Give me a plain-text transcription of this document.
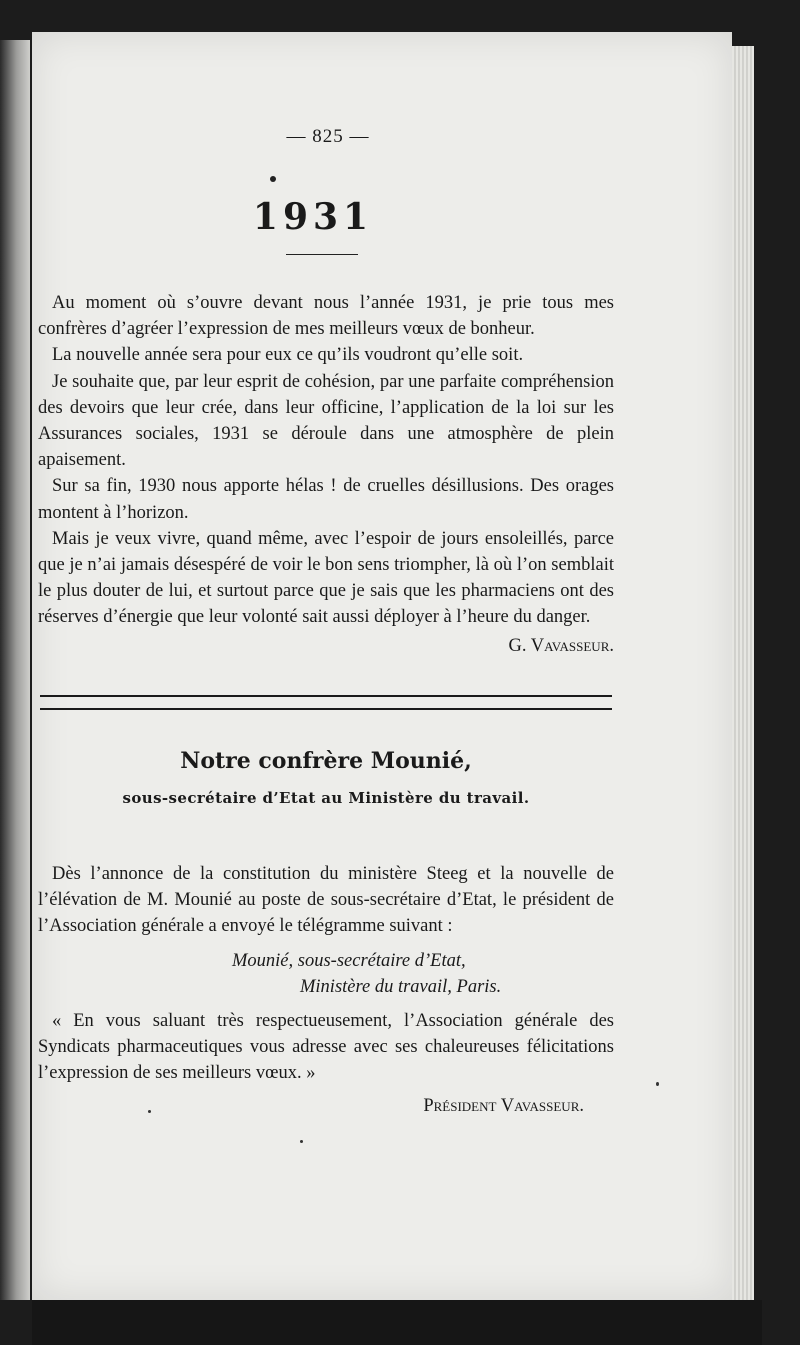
— 825 —
1931

Au moment où s’ouvre devant nous l’année 1931, je prie tous mes confrères d’agréer l’expression de mes meilleurs vœux de bonheur.

La nouvelle année sera pour eux ce qu’ils voudront qu’elle soit.

Je souhaite que, par leur esprit de cohésion, par une parfaite compréhension des devoirs que leur crée, dans leur officine, l’application de la loi sur les Assurances sociales, 1931 se déroule dans une atmosphère de plein apaisement.

Sur sa fin, 1930 nous apporte hélas ! de cruelles désillusions. Des orages montent à l’horizon.

Mais je veux vivre, quand même, avec l’espoir de jours ensoleillés, parce que je n’ai jamais désespéré de voir le bon sens triompher, là où l’on semblait le plus douter de lui, et surtout parce que je sais que les pharmaciens ont des réserves d’énergie que leur volonté sait aussi déployer à l’heure du danger.

G. Vavasseur.

Notre confrère Mounié,
sous-secrétaire d’Etat au Ministère du travail.

Dès l’annonce de la constitution du ministère Steeg et la nouvelle de l’élévation de M. Mounié au poste de sous-secrétaire d’Etat, le président de l’Association générale a envoyé le télégramme suivant :

Mounié, sous-secrétaire d’Etat,

Ministère du travail, Paris.

« En vous saluant très respectueusement, l’Association générale des Syndicats pharmaceutiques vous adresse avec ses chaleureuses félicitations l’expression de ses meilleurs vœux. »

Président Vavasseur.
